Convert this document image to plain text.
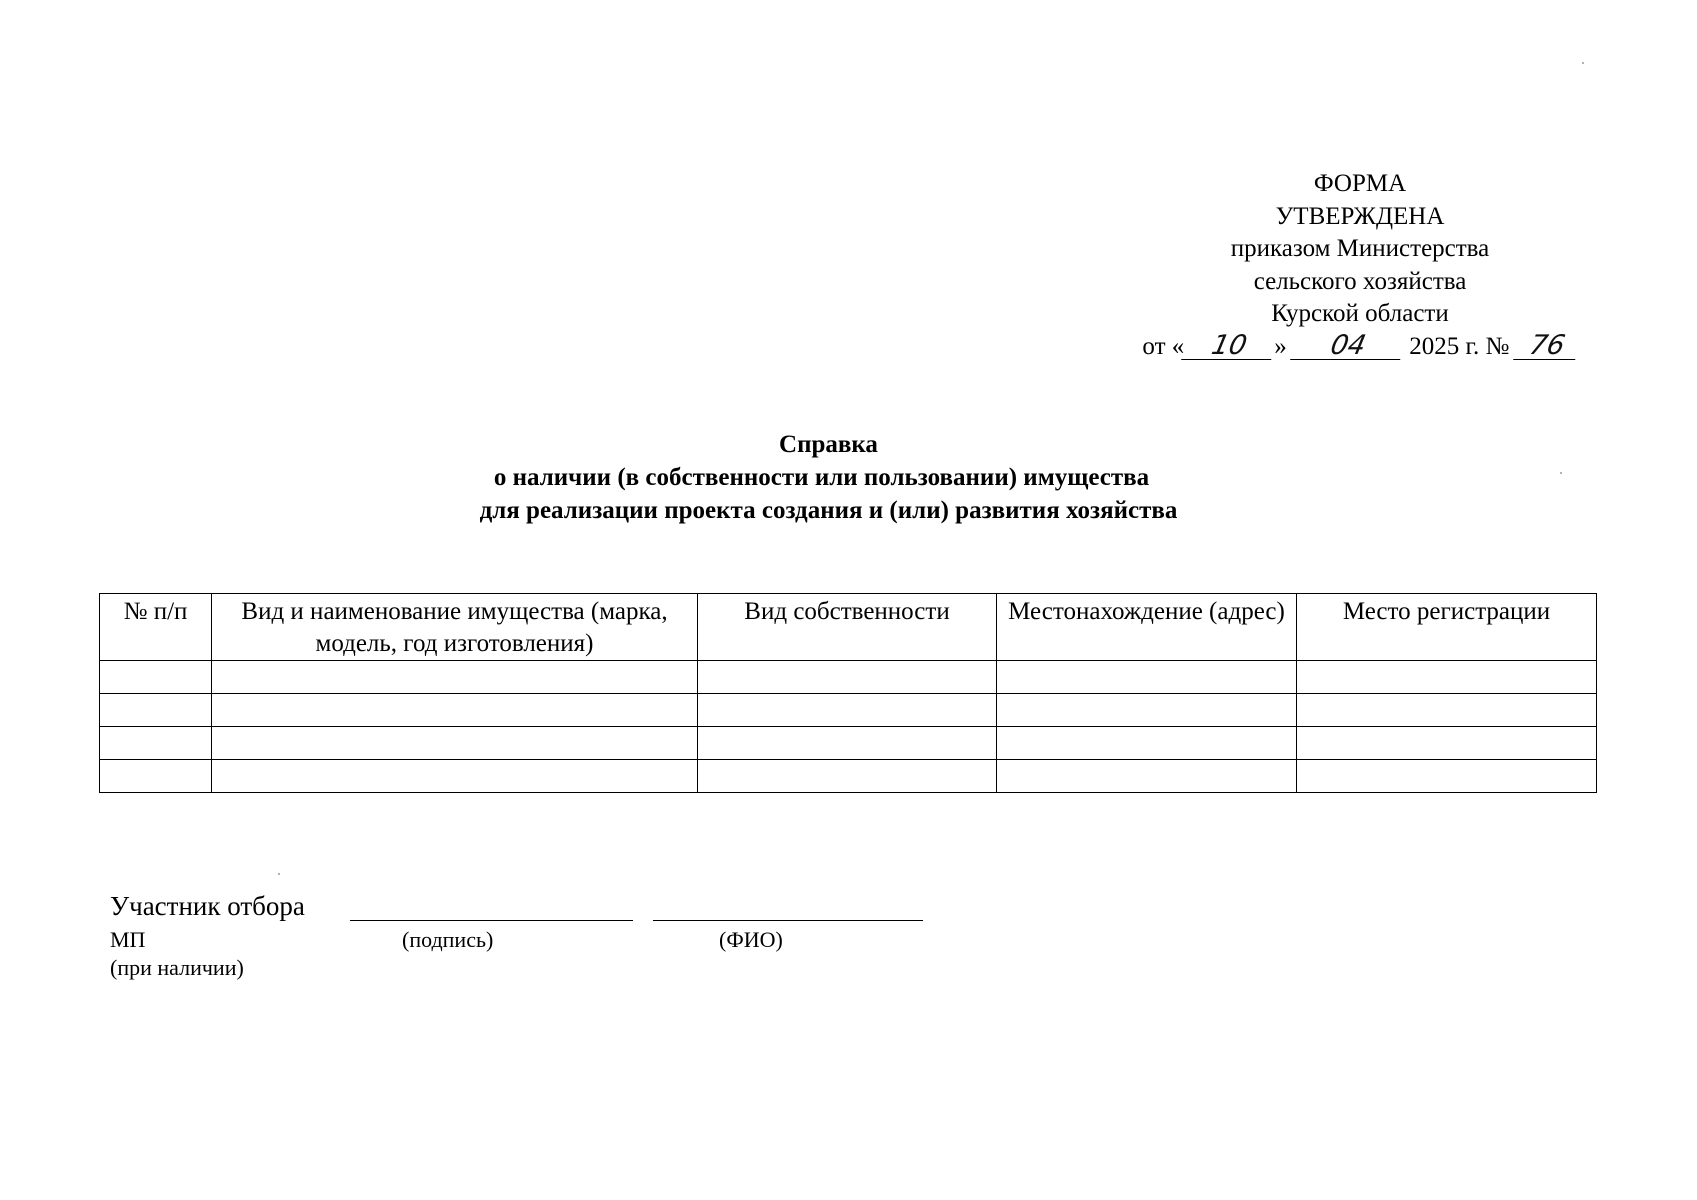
ФОРМА
УТВЕРЖДЕНА
приказом Министерства
сельского хозяйства
Курской области
от « 10 » 04 2025 г. № 76
Справка
о наличии (в собственности или пользовании) имущества
для реализации проекта создания и (или) развития хозяйства
№ п/п	Вид и наименование имущества (марка, модель, год изготовления)	Вид собственности	Местонахождение (адрес)	Место регистрации

Участник отбора
МП	(подпись)	(ФИО)
(при наличии)
